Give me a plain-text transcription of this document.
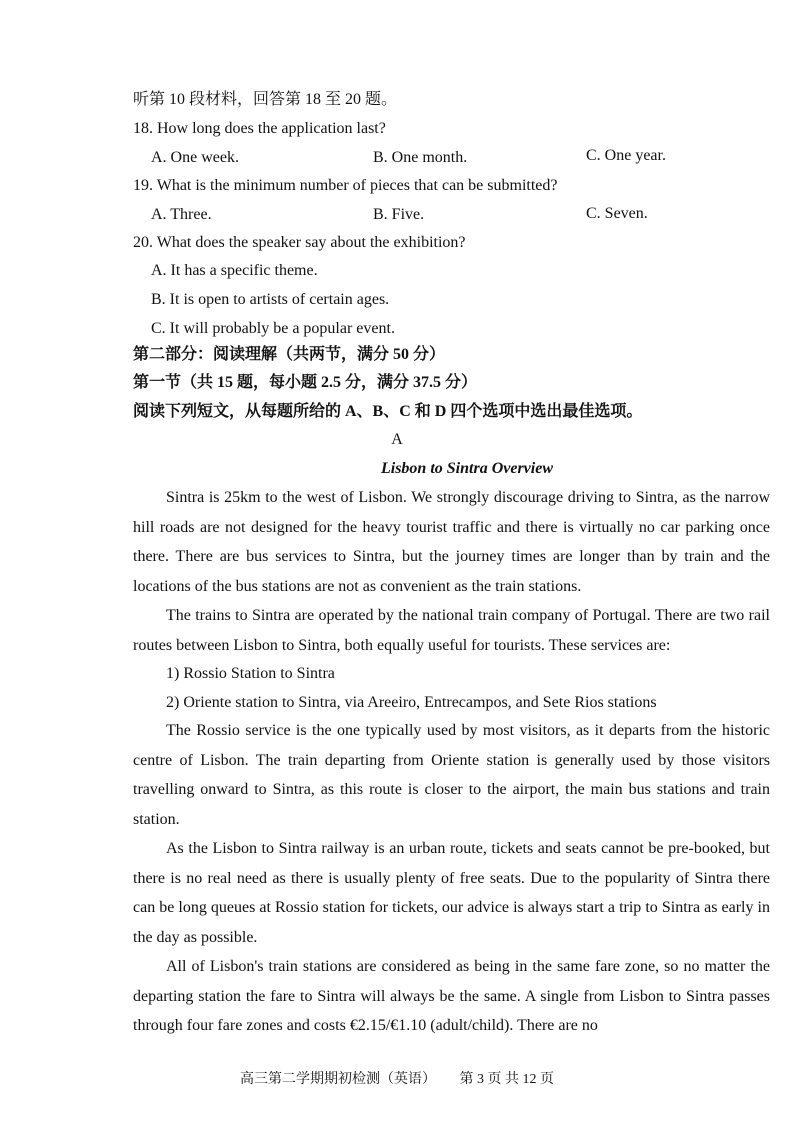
听第 10 段材料，回答第 18 至 20 题。
18. How long does the application last?
A. One week.	B. One month.	C. One year.
19. What is the minimum number of pieces that can be submitted?
A. Three.	B. Five.	C. Seven.
20. What does the speaker say about the exhibition?
A. It has a specific theme.
B. It is open to artists of certain ages.
C. It will probably be a popular event.
第二部分：阅读理解（共两节，满分 50 分）
第一节（共 15 题，每小题 2.5 分，满分 37.5 分）
阅读下列短文，从每题所给的 A、B、C 和 D 四个选项中选出最佳选项。
A
Lisbon to Sintra Overview
Sintra is 25km to the west of Lisbon. We strongly discourage driving to Sintra, as the narrow hill roads are not designed for the heavy tourist traffic and there is virtually no car parking once there. There are bus services to Sintra, but the journey times are longer than by train and the locations of the bus stations are not as convenient as the train stations.
The trains to Sintra are operated by the national train company of Portugal. There are two rail routes between Lisbon to Sintra, both equally useful for tourists. These services are:
1) Rossio Station to Sintra
2) Oriente station to Sintra, via Areeiro, Entrecampos, and Sete Rios stations
The Rossio service is the one typically used by most visitors, as it departs from the historic centre of Lisbon. The train departing from Oriente station is generally used by those visitors travelling onward to Sintra, as this route is closer to the airport, the main bus stations and train station.
As the Lisbon to Sintra railway is an urban route, tickets and seats cannot be pre-booked, but there is no real need as there is usually plenty of free seats. Due to the popularity of Sintra there can be long queues at Rossio station for tickets, our advice is always start a trip to Sintra as early in the day as possible.
All of Lisbon's train stations are considered as being in the same fare zone, so no matter the departing station the fare to Sintra will always be the same. A single from Lisbon to Sintra passes through four fare zones and costs €2.15/€1.10 (adult/child). There are no
高三第二学期期初检测（英语） 第 3 页 共 12 页
